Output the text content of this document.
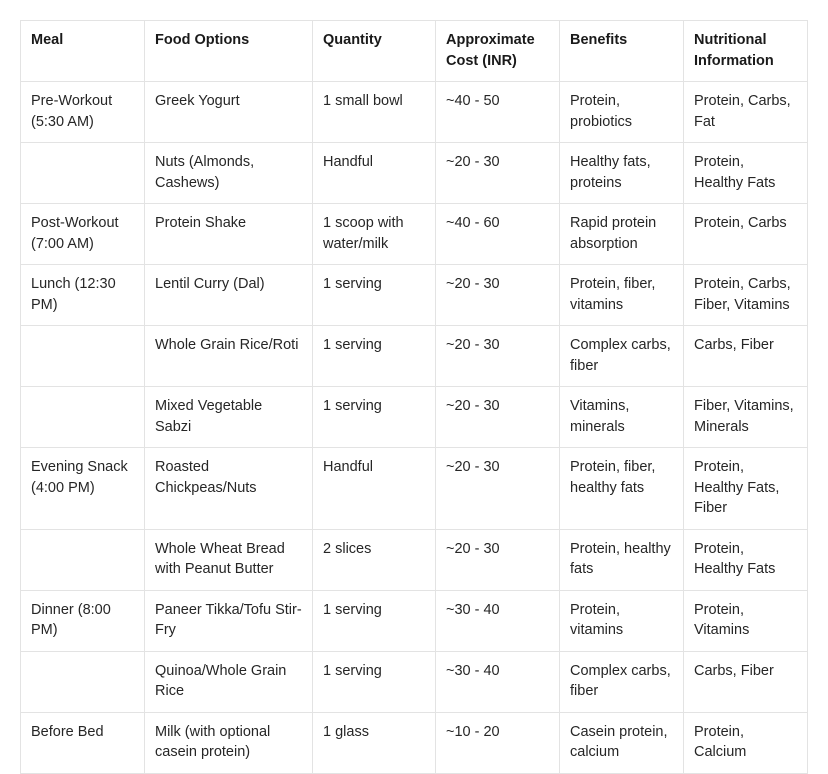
Meal	Food Options	Quantity	Approximate Cost (INR)	Benefits	Nutritional Information
Pre-Workout (5:30 AM)	Greek Yogurt	1 small bowl	~40 - 50	Protein, probiotics	Protein, Carbs, Fat
	Nuts (Almonds, Cashews)	Handful	~20 - 30	Healthy fats, proteins	Protein, Healthy Fats
Post-Workout (7:00 AM)	Protein Shake	1 scoop with water/milk	~40 - 60	Rapid protein absorption	Protein, Carbs
Lunch (12:30 PM)	Lentil Curry (Dal)	1 serving	~20 - 30	Protein, fiber, vitamins	Protein, Carbs, Fiber, Vitamins
	Whole Grain Rice/Roti	1 serving	~20 - 30	Complex carbs, fiber	Carbs, Fiber
	Mixed Vegetable Sabzi	1 serving	~20 - 30	Vitamins, minerals	Fiber, Vitamins, Minerals
Evening Snack (4:00 PM)	Roasted Chickpeas/Nuts	Handful	~20 - 30	Protein, fiber, healthy fats	Protein, Healthy Fats, Fiber
	Whole Wheat Bread with Peanut Butter	2 slices	~20 - 30	Protein, healthy fats	Protein, Healthy Fats
Dinner (8:00 PM)	Paneer Tikka/Tofu Stir-Fry	1 serving	~30 - 40	Protein, vitamins	Protein, Vitamins
	Quinoa/Whole Grain Rice	1 serving	~30 - 40	Complex carbs, fiber	Carbs, Fiber
Before Bed	Milk (with optional casein protein)	1 glass	~10 - 20	Casein protein, calcium	Protein, Calcium
